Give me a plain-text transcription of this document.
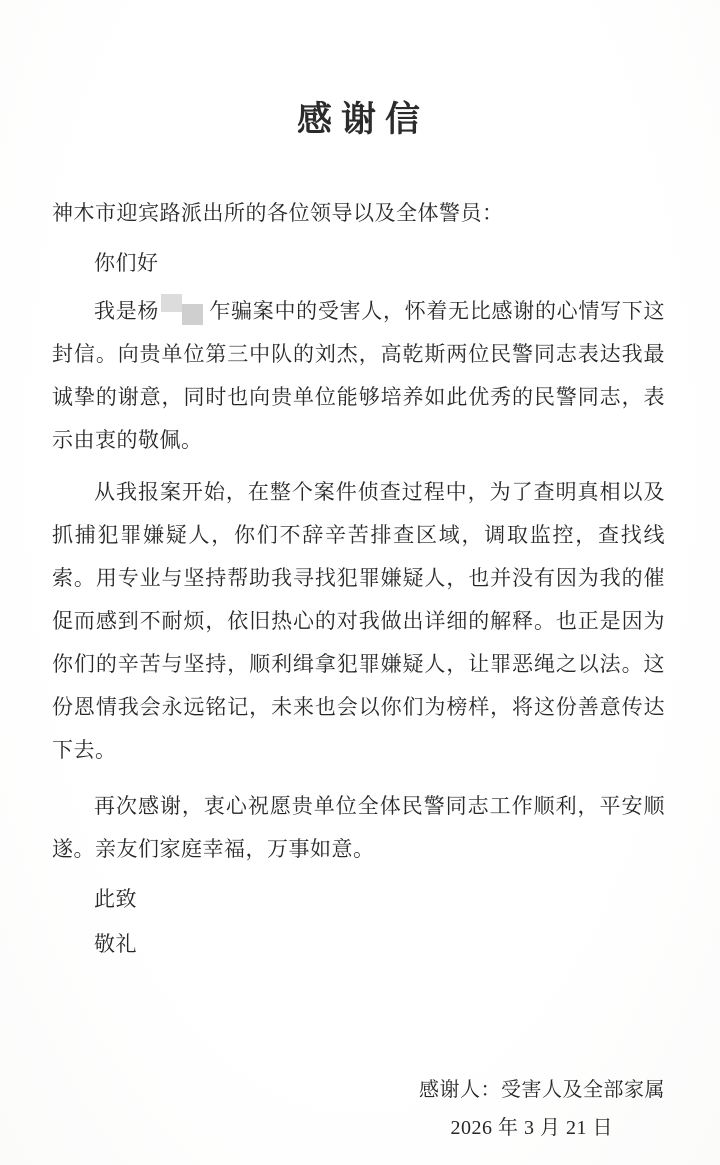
感谢信

神木市迎宾路派出所的各位领导以及全体警员：

你们好

我是杨 乍骗案中的受害人，怀着无比感谢的心情写下这封信。向贵单位第三中队的刘杰，高乾斯两位民警同志表达我最诚挚的谢意，同时也向贵单位能够培养如此优秀的民警同志，表示由衷的敬佩。

从我报案开始，在整个案件侦查过程中，为了查明真相以及抓捕犯罪嫌疑人，你们不辞辛苦排查区域，调取监控，查找线索。用专业与坚持帮助我寻找犯罪嫌疑人，也并没有因为我的催促而感到不耐烦，依旧热心的对我做出详细的解释。也正是因为你们的辛苦与坚持，顺利缉拿犯罪嫌疑人，让罪恶绳之以法。这份恩情我会永远铭记，未来也会以你们为榜样，将这份善意传达下去。

再次感谢，衷心祝愿贵单位全体民警同志工作顺利，平安顺遂。亲友们家庭幸福，万事如意。

此致

敬礼

感谢人：受害人及全部家属
2026 年 3 月 21 日
